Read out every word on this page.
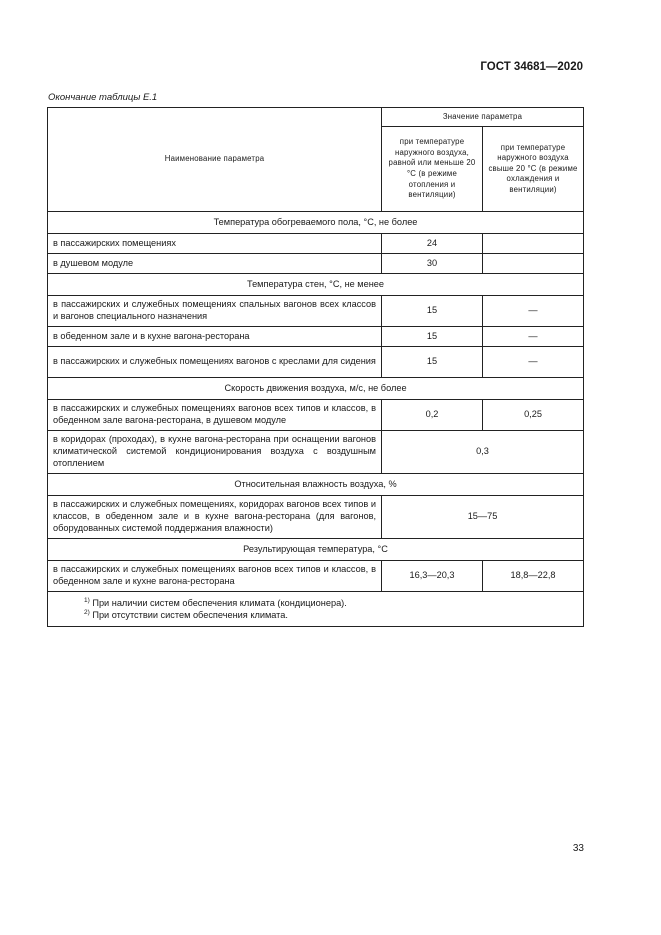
ГОСТ 34681—2020
Окончание таблицы Е.1
Наименование параметра	Значение параметра	
	при температуре наружного воздуха, равной или меньше 20 °С (в режиме отопления и вентиляции)	при температуре наружного воздуха свыше 20 °С (в режиме охлаждения и вентиляции)
Температура обогреваемого пола, °С, не более		
в пассажирских помещениях	24	
в душевом модуле	30	
Температура стен, °С, не менее		
в пассажирских и служебных помещениях спальных вагонов всех классов и вагонов специального назначения	15	—
в обеденном зале и в кухне вагона-ресторана	15	—
в пассажирских и служебных помещениях вагонов с креслами для сидения	15	—
Скорость движения воздуха, м/с, не более		
в пассажирских и служебных помещениях вагонов всех типов и классов, в обеденном зале вагона-ресторана, в душевом модуле	0,2	0,25
в коридорах (проходах), в кухне вагона-ресторана при оснащении вагонов климатической системой кондиционирования воздуха с воздушным отоплением	0,3	
Относительная влажность воздуха, %		
в пассажирских и служебных помещениях, коридорах вагонов всех типов и классов, в обеденном зале и в кухне вагона-ресторана (для вагонов, оборудованных системой поддержания влажности)	15—75	
Результирующая температура, °С		
в пассажирских и служебных помещениях вагонов всех типов и классов, в обеденном зале и кухне вагона-ресторана	16,3—20,3	18,8—22,8

$^{1)}$ При наличии систем обеспечения климата (кондиционера).
$^{2)}$ При отсутствии систем обеспечения климата.		
33
